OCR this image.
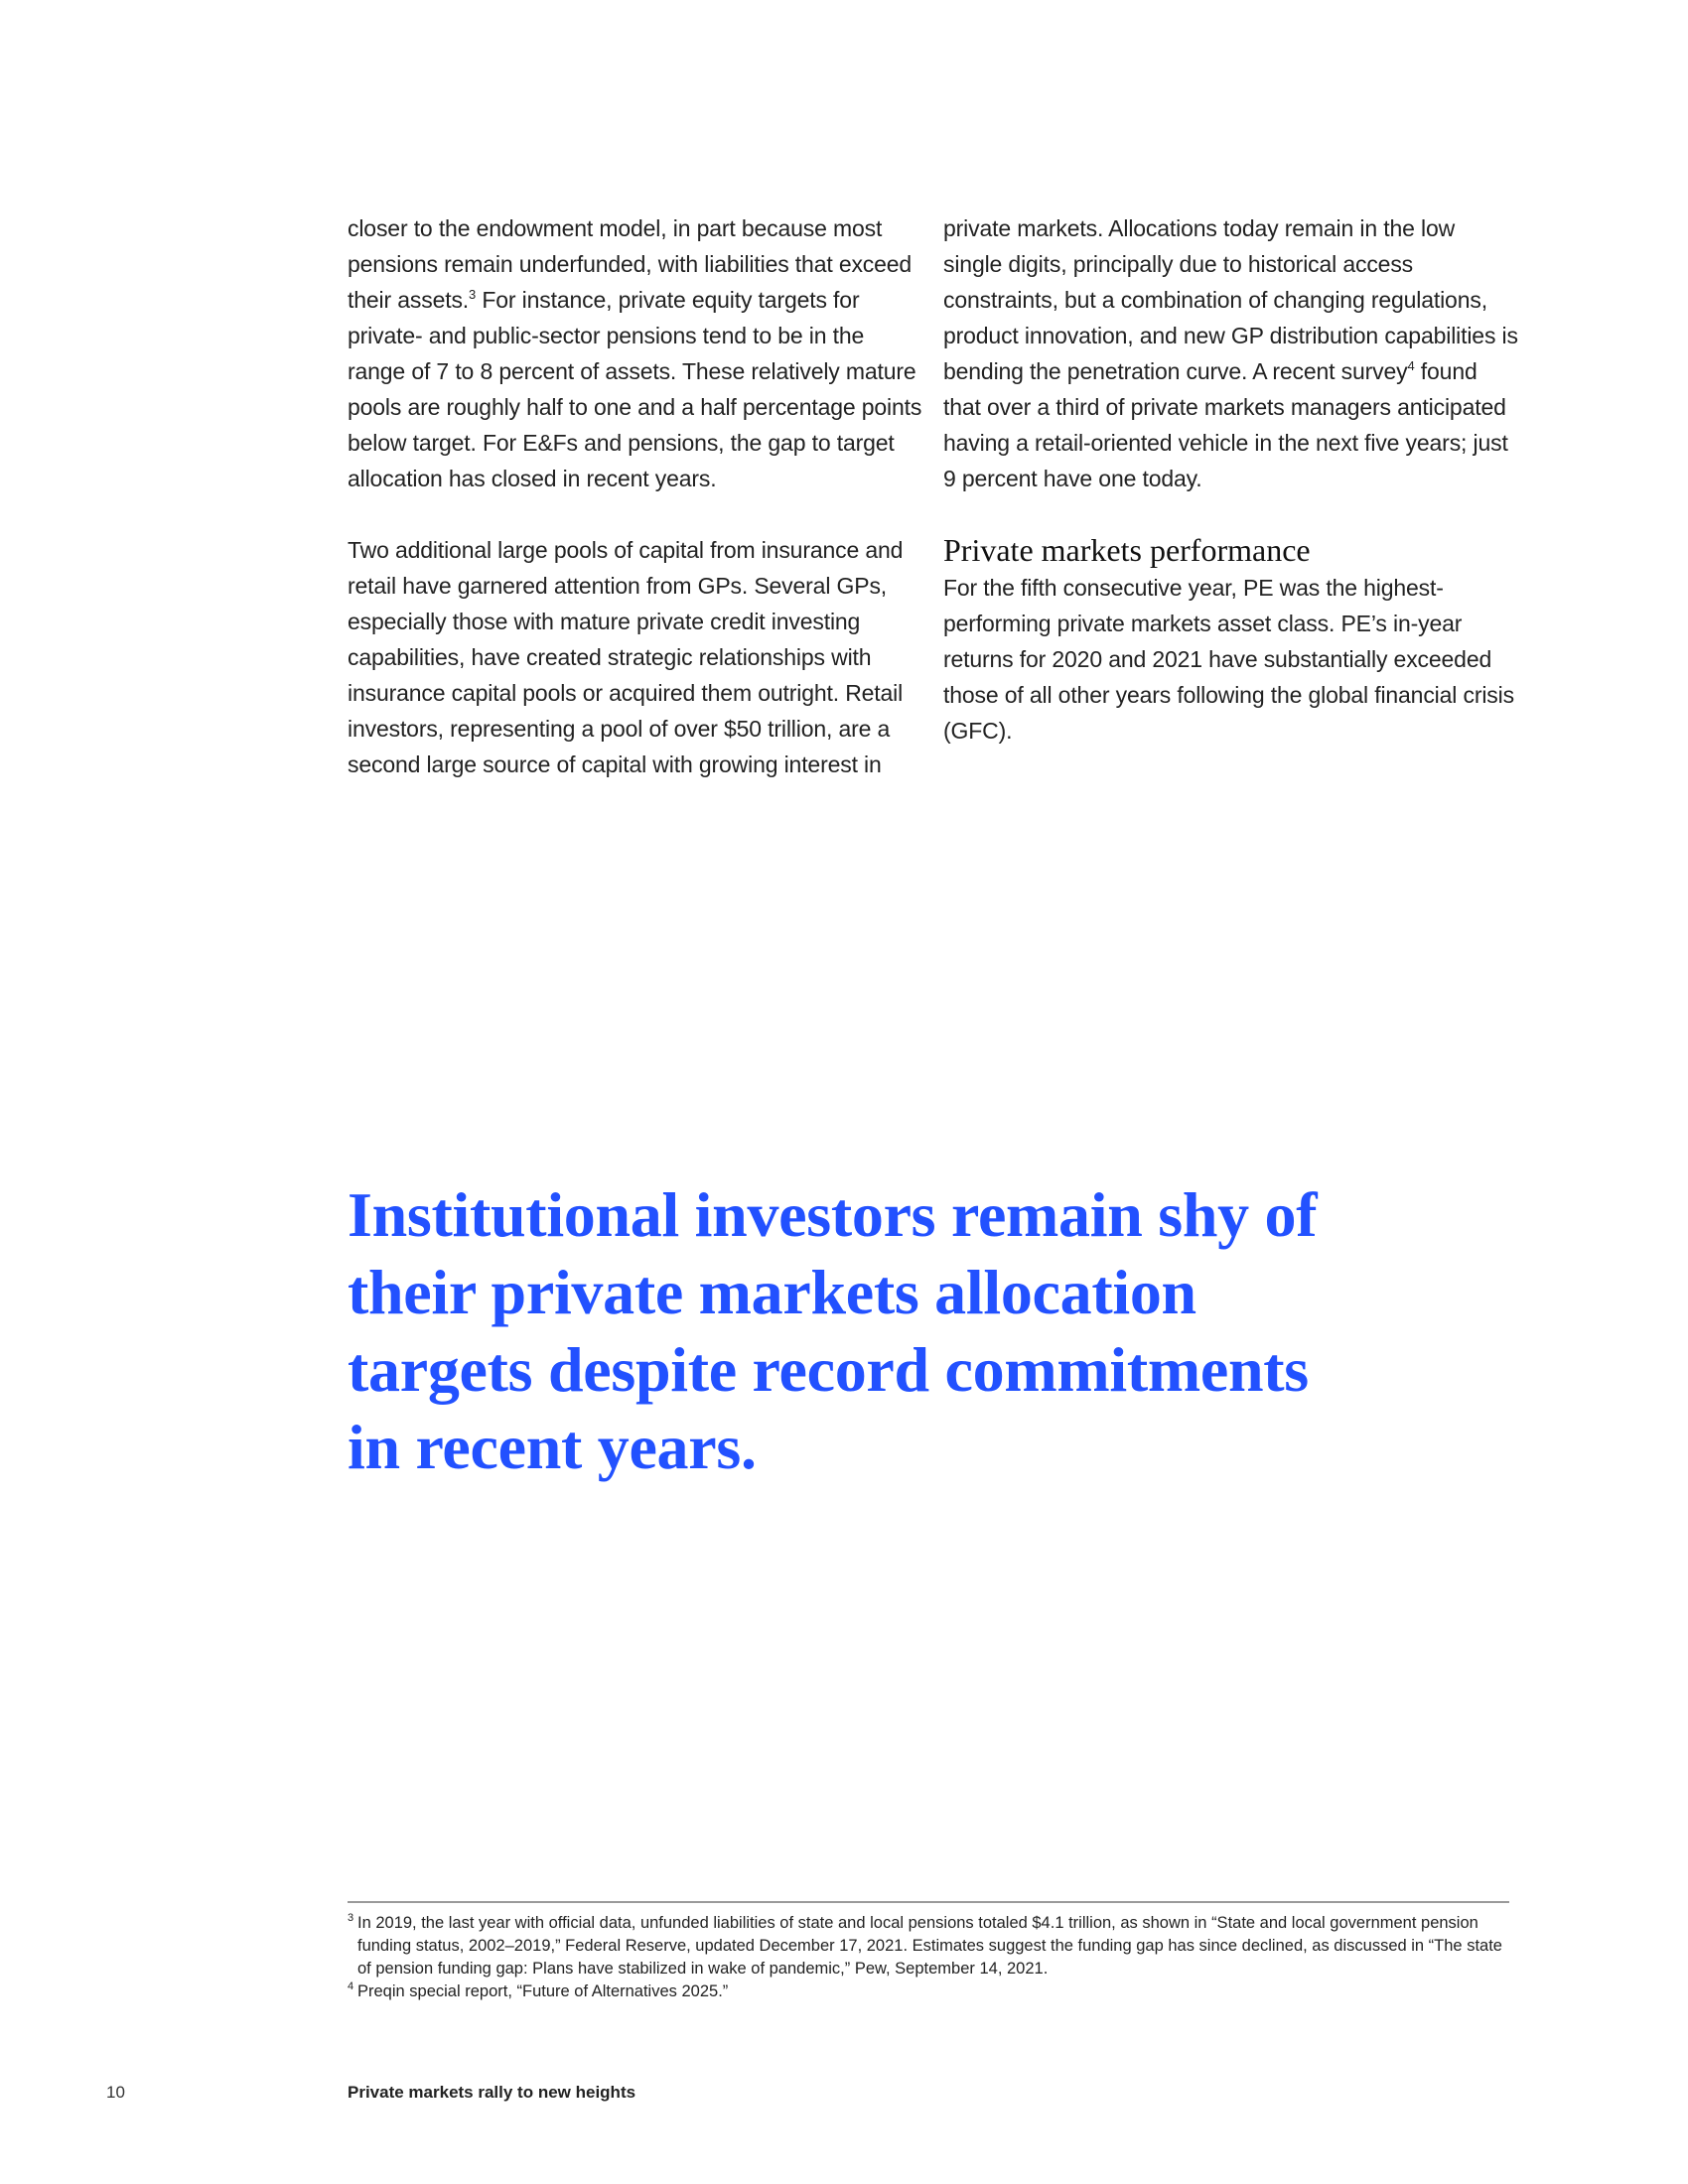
closer to the endowment model, in part because most pensions remain underfunded, with liabilities that exceed their assets.$^3$ For instance, private equity targets for private- and public-sector pensions tend to be in the range of 7 to 8 percent of assets. These relatively mature pools are roughly half to one and a half percentage points below target. For E&Fs and pensions, the gap to target allocation has closed in recent years.

Two additional large pools of capital from insurance and retail have garnered attention from GPs. Several GPs, especially those with mature private credit investing capabilities, have created strategic relationships with insurance capital pools or acquired them outright. Retail investors, representing a pool of over $50 trillion, are a second large source of capital with growing interest in

private markets. Allocations today remain in the low single digits, principally due to historical access constraints, but a combination of changing regulations, product innovation, and new GP distribution capabilities is bending the penetration curve. A recent survey$^4$ found that over a third of private markets managers anticipated having a retail-oriented vehicle in the next five years; just 9 percent have one today.

Private markets performance

For the fifth consecutive year, PE was the highest-performing private markets asset class. PE’s in-year returns for 2020 and 2021 have substantially exceeded those of all other years following the global financial crisis (GFC).

Institutional investors remain shy of
their private markets allocation
targets despite record commitments
in recent years.

3 In 2019, the last year with official data, unfunded liabilities of state and local pensions totaled $4.1 trillion, as shown in “State and local government pension funding status, 2002–2019,” Federal Reserve, updated December 17, 2021. Estimates suggest the funding gap has since declined, as discussed in “The state of pension funding gap: Plans have stabilized in wake of pandemic,” Pew, September 14, 2021.

4 Preqin special report, “Future of Alternatives 2025.”

10	Private markets rally to new heights
